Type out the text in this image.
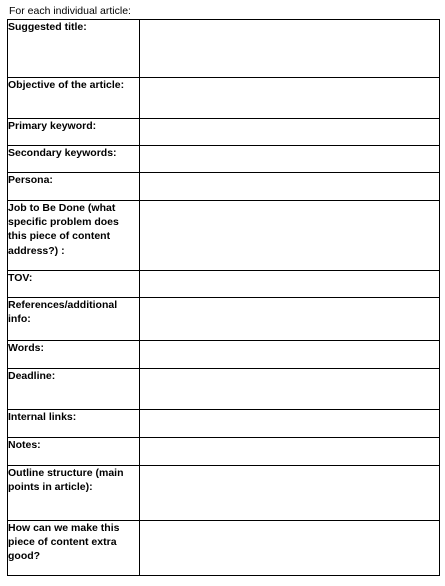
For each individual article:
Suggested title:	
Objective of the article:	
Primary keyword:	
Secondary keywords:	
Persona:	
Job to Be Done (what specific problem does this piece of content address?) :	
TOV:	
References/additional info:	
Words:	
Deadline:	
Internal links:	
Notes:	
Outline structure (main points in article):	
How can we make this piece of content extra good?	
